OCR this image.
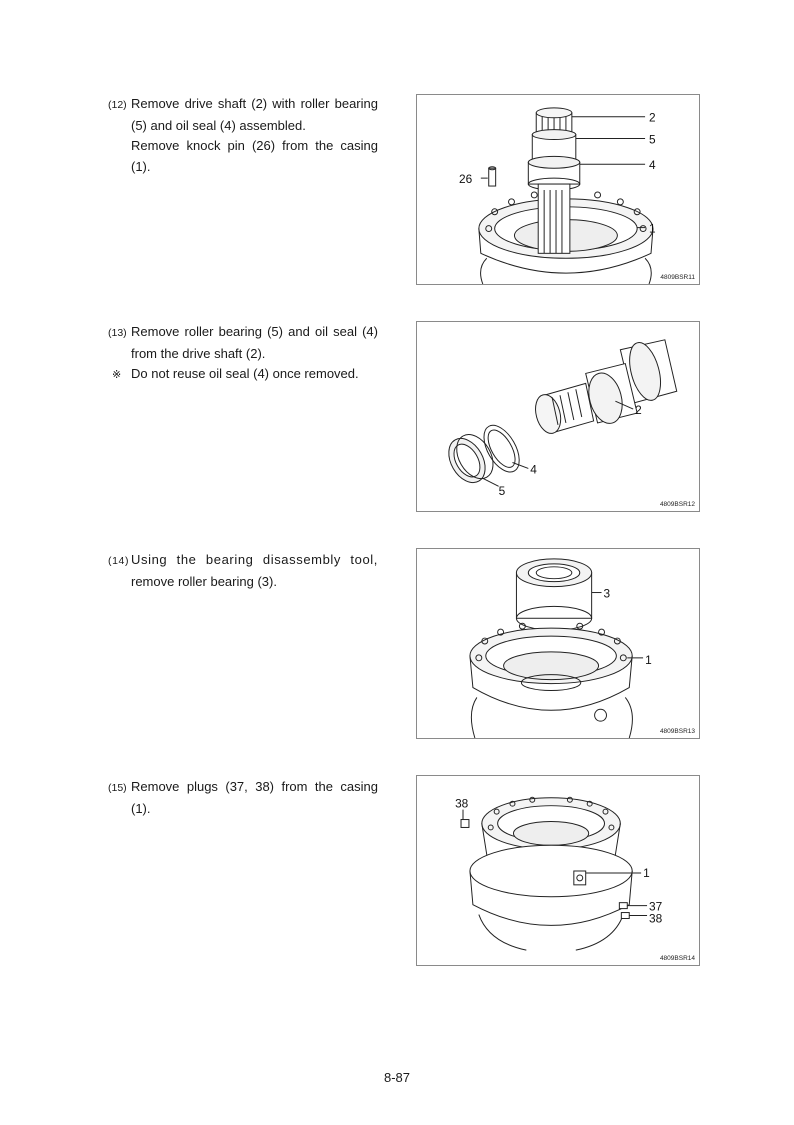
(12) Remove drive shaft (2) with roller bearing
(5) and oil seal (4) assembled.
Remove knock pin (26) from the casing
(1).
(13) Remove roller bearing (5) and oil seal (4)
from the drive shaft (2).
※ Do not reuse oil seal (4) once removed.
(14) Using the bearing disassembly tool,
remove roller bearing (3).
(15) Remove plugs (37, 38) from the casing
(1).
2
5
4
26
1
4809BSR11
2
4
5
4809BSR12
3
1
4809BSR13
38
1
37
38
4809BSR14
8-87
